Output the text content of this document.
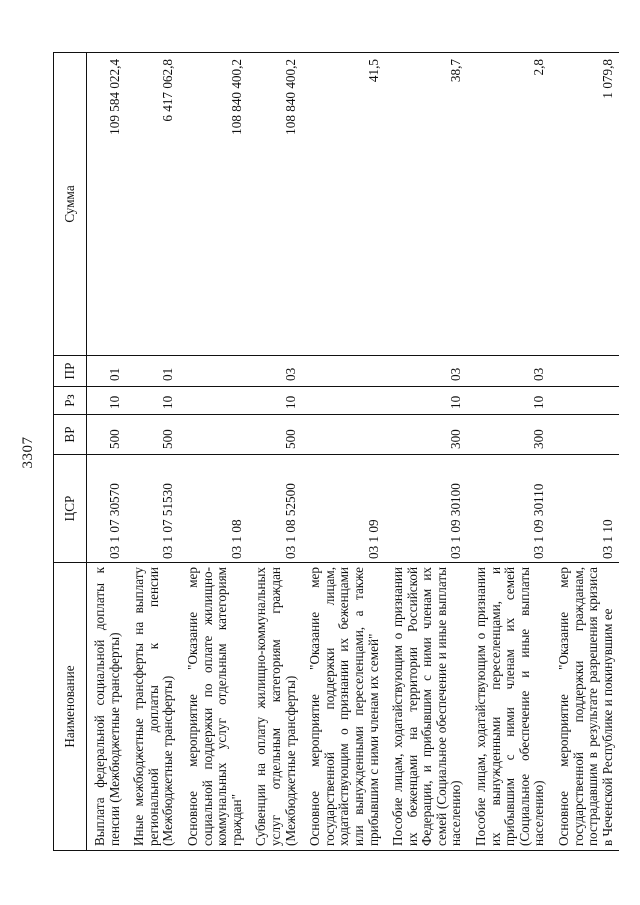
3307
Наименование	ЦСР	ВР	Рз	ПР	Сумма
Выплата федеральной социальной доплаты к пенсии (Межбюджетные трансферты)	03 1 07 30570	500	10	01	109 584 022,4
Иные межбюджетные трансферты на выплату региональной доплаты к пенсии (Межбюджетные трансферты)	03 1 07 51530	500	10	01	6 417 062,8
Основное мероприятие "Оказание мер социальной поддержки по оплате жилищно-коммунальных услуг отдельным категориям граждан"	03 1 08				108 840 400,2
Субвенции на оплату жилищно-коммунальных услуг отдельным категориям граждан (Межбюджетные трансферты)	03 1 08 52500	500	10	03	108 840 400,2
Основное мероприятие "Оказание мер государственной поддержки лицам, ходатайствующим о признании их беженцами или вынужденными переселенцами, а также прибывшим с ними членам их семей"	03 1 09				41,5
Пособие лицам, ходатайствующим о признании их беженцами на территории Российской Федерации, и прибывшим с ними членам их семей (Социальное обеспечение и иные выплаты населению)	03 1 09 30100	300	10	03	38,7
Пособие лицам, ходатайствующим о признании их вынужденными переселенцами, и прибывшим с ними членам их семей (Социальное обеспечение и иные выплаты населению)	03 1 09 30110	300	10	03	2,8
Основное мероприятие "Оказание мер государственной поддержки гражданам, пострадавшим в результате разрешения кризиса в Чеченской Республике и покинувшим ее	03 1 10				1 079,8
